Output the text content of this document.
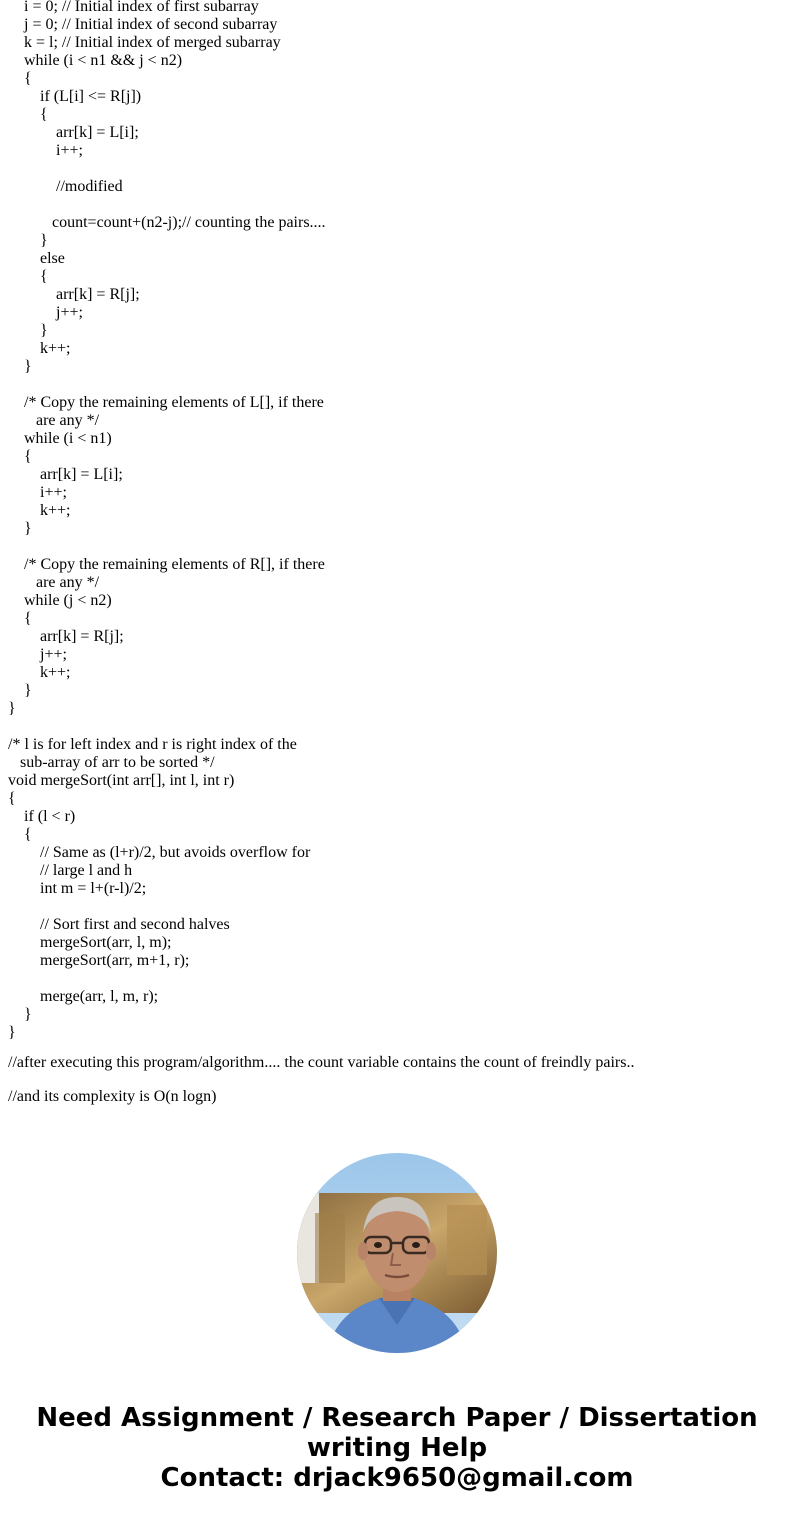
i = 0; // Initial index of first subarray
j = 0; // Initial index of second subarray
k = l; // Initial index of merged subarray
while (i < n1 && j < n2)
{
if (L[i] <= R[j])
{
arr[k] = L[i];
i++;
//modified
count=count+(n2-j);// counting the pairs....
}
else
{
arr[k] = R[j];
j++;
}
k++;
}
/* Copy the remaining elements of L[], if there
are any */
while (i < n1)
{
arr[k] = L[i];
i++;
k++;
}
/* Copy the remaining elements of R[], if there
are any */
while (j < n2)
{
arr[k] = R[j];
j++;
k++;
}
}
/* l is for left index and r is right index of the
sub-array of arr to be sorted */
void mergeSort(int arr[], int l, int r)
{
if (l < r)
{
// Same as (l+r)/2, but avoids overflow for
// large l and h
int m = l+(r-l)/2;
// Sort first and second halves
mergeSort(arr, l, m);
mergeSort(arr, m+1, r);
merge(arr, l, m, r);
}
}
//after executing this program/algorithm.... the count variable contains the count of freindly pairs..
//and its complexity is O(n logn)
Need Assignment / Research Paper / Dissertation
writing Help
Contact: drjack9650@gmail.com
